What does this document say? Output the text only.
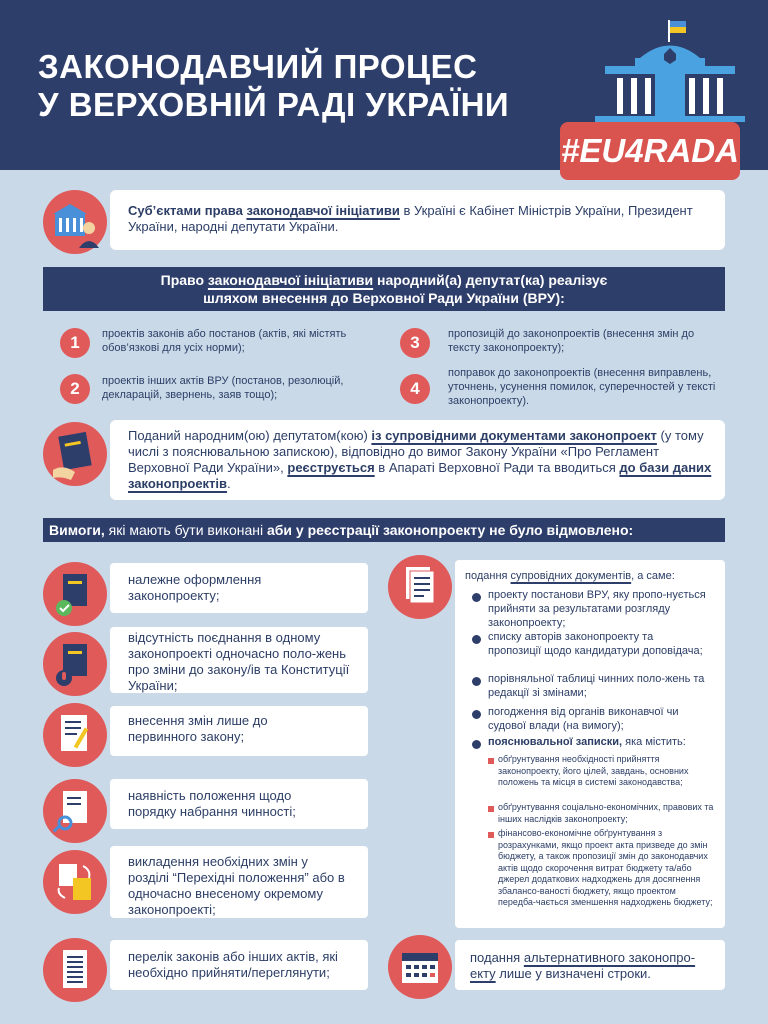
ЗАКОНОДАВЧИЙ ПРОЦЕС
У ВЕРХОВНІЙ РАДІ УКРАЇНИ
#EU4RADA
Суб’єктами права законодавчої ініціативи в Україні є Кабінет Міністрів України, Президент України, народні депутати України.
Право законодавчої ініціативи народний(а) депутат(ка) реалізує
шляхом внесення до Верховної Ради України (ВРУ):
1	проектів законів або постанов (актів, які містять обов’язкові для усіх норми);
2	проектів інших актів ВРУ (постанов, резолюцій, декларацій, звернень, заяв тощо);
3	пропозицій до законопроектів (внесення змін до тексту законопроекту);
4
поправок до законопроектів (внесення виправлень, уточнень, усунення помилок, суперечностей у тексті законопроекту).
Поданий народним(ою) депутатом(кою) із супровідними документами законопроект (у тому числі з пояснювальною запискою), відповідно до вимог Закону України «Про Регламент Верховної Ради України», реєструється в Апараті Верховної Ради та вводиться до бази даних законопроектів.
Вимоги, які мають бути виконані аби у реєстрації законопроекту не було відмовлено:
належне оформлення законопроекту;
відсутність поєднання в одному законопроекті одночасно поло-жень про зміни до закону/ів та Конституції України;
внесення змін лише до первинного закону;
наявність положення щодо порядку набрання чинності;
викладення необхідних змін у розділі “Перехідні положення” або в одночасно внесеному окремому законопроекті;
перелік законів або інших актів, які необхідно прийняти/переглянути;
подання супровідних документів, а саме:
проекту постанови ВРУ, яку пропо-нується прийняти за результатами розгляду законопроекту;
списку авторів законопроекту та пропозиції щодо кандидатури доповідача;
порівняльної таблиці чинних поло-жень та редакції зі змінами;
погодження від органів виконавчої чи судової влади (на вимогу);
пояснювальної записки, яка містить:
обґрунтування необхідності прийняття законопроекту, його цілей, завдань, основних положень та місця в системі законодавства;
обґрунтування соціально-економічних, правових та інших наслідків законопроекту;
фінансово-економічне обґрунтування з розрахунками, якщо проект акта призведе до змін бюджету, а також пропозиції змін до законодавчих актів щодо скорочення витрат бюджету та/або джерел додаткових надходжень для досягнення збалансо-ваності бюджету, якщо проектом передба-чається зменшення надходжень бюджету;
подання альтернативного законопро-екту лише у визначені строки.
